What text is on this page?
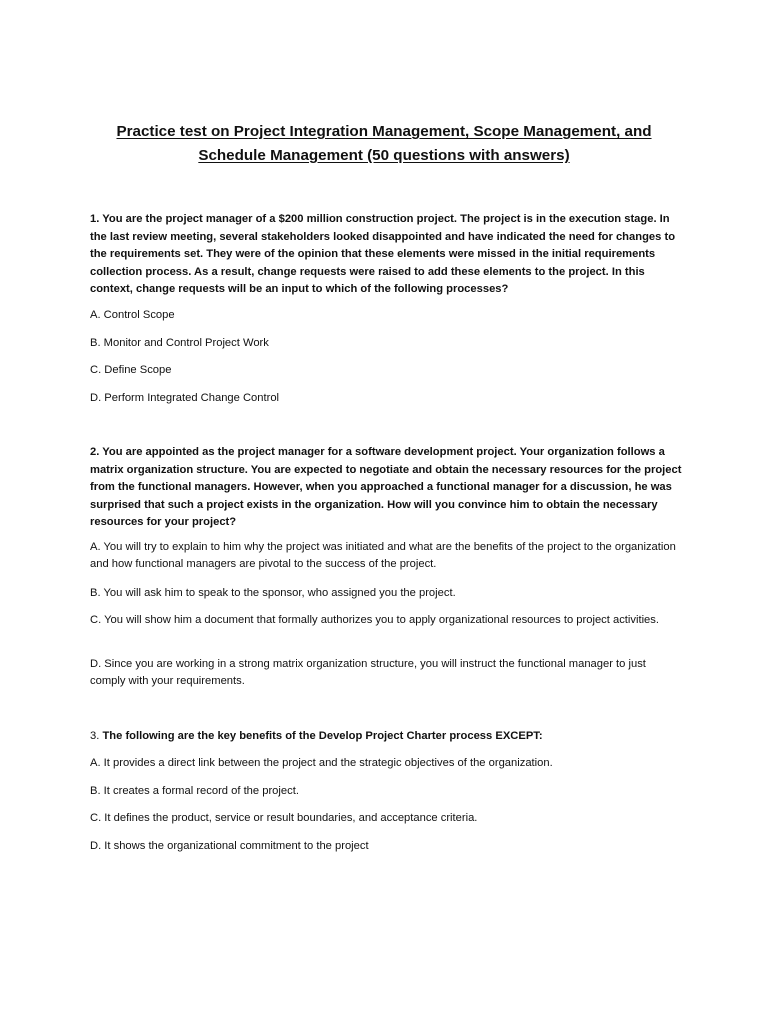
Practice test on Project Integration Management, Scope Management, and
Schedule Management (50 questions with answers)

1. You are the project manager of a $200 million construction project. The project is in the execution stage. In the last review meeting, several stakeholders looked disappointed and have indicated the need for changes to the requirements set. They were of the opinion that these elements were missed in the initial requirements collection process. As a result, change requests were raised to add these elements to the project. In this context, change requests will be an input to which of the following processes?

A. Control Scope

B. Monitor and Control Project Work

C. Define Scope

D. Perform Integrated Change Control

2. You are appointed as the project manager for a software development project. Your organization follows a matrix organization structure. You are expected to negotiate and obtain the necessary resources for the project from the functional managers. However, when you approached a functional manager for a discussion, he was surprised that such a project exists in the organization. How will you convince him to obtain the necessary resources for your project?

A. You will try to explain to him why the project was initiated and what are the benefits of the project to the organization and how functional managers are pivotal to the success of the project.

B. You will ask him to speak to the sponsor, who assigned you the project.

C. You will show him a document that formally authorizes you to apply organizational resources to project activities.

D. Since you are working in a strong matrix organization structure, you will instruct the functional manager to just comply with your requirements.

3. The following are the key benefits of the Develop Project Charter process EXCEPT:

A. It provides a direct link between the project and the strategic objectives of the organization.

B. It creates a formal record of the project.

C. It defines the product, service or result boundaries, and acceptance criteria.

D. It shows the organizational commitment to the project
